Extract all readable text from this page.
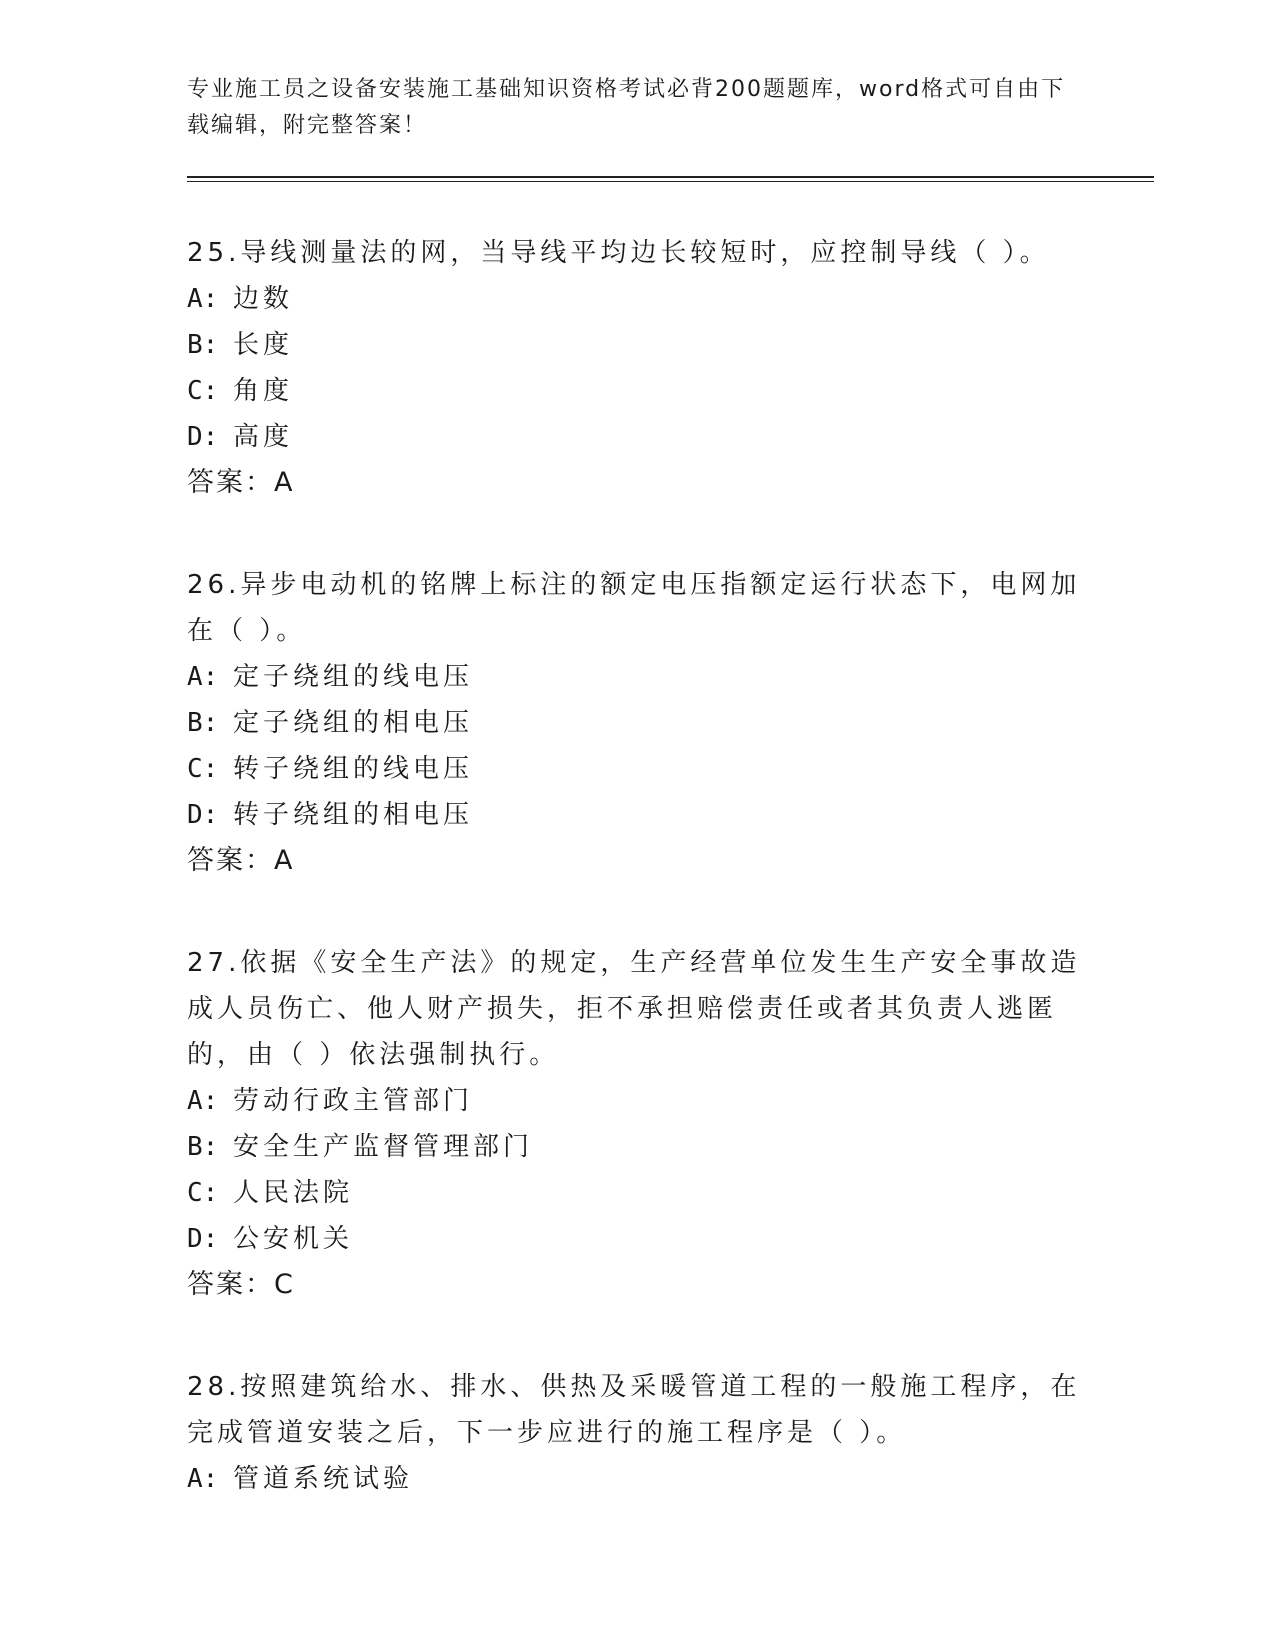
专业施工员之设备安装施工基础知识资格考试必背200题题库，word格式可自由下载编辑，附完整答案！
25.导线测量法的网，当导线平均边长较短时，应控制导线（ ）。
A: 边数
B: 长度
C: 角度
D: 高度
答案：A
26.异步电动机的铭牌上标注的额定电压指额定运行状态下，电网加在（ ）。
A: 定子绕组的线电压
B: 定子绕组的相电压
C: 转子绕组的线电压
D: 转子绕组的相电压
答案：A
27.依据《安全生产法》的规定，生产经营单位发生生产安全事故造成人员伤亡、他人财产损失，拒不承担赔偿责任或者其负责人逃匿的，由（ ）依法强制执行。
A: 劳动行政主管部门
B: 安全生产监督管理部门
C: 人民法院
D: 公安机关
答案：C
28.按照建筑给水、排水、供热及采暖管道工程的一般施工程序，在完成管道安装之后，下一步应进行的施工程序是（ ）。
A: 管道系统试验
